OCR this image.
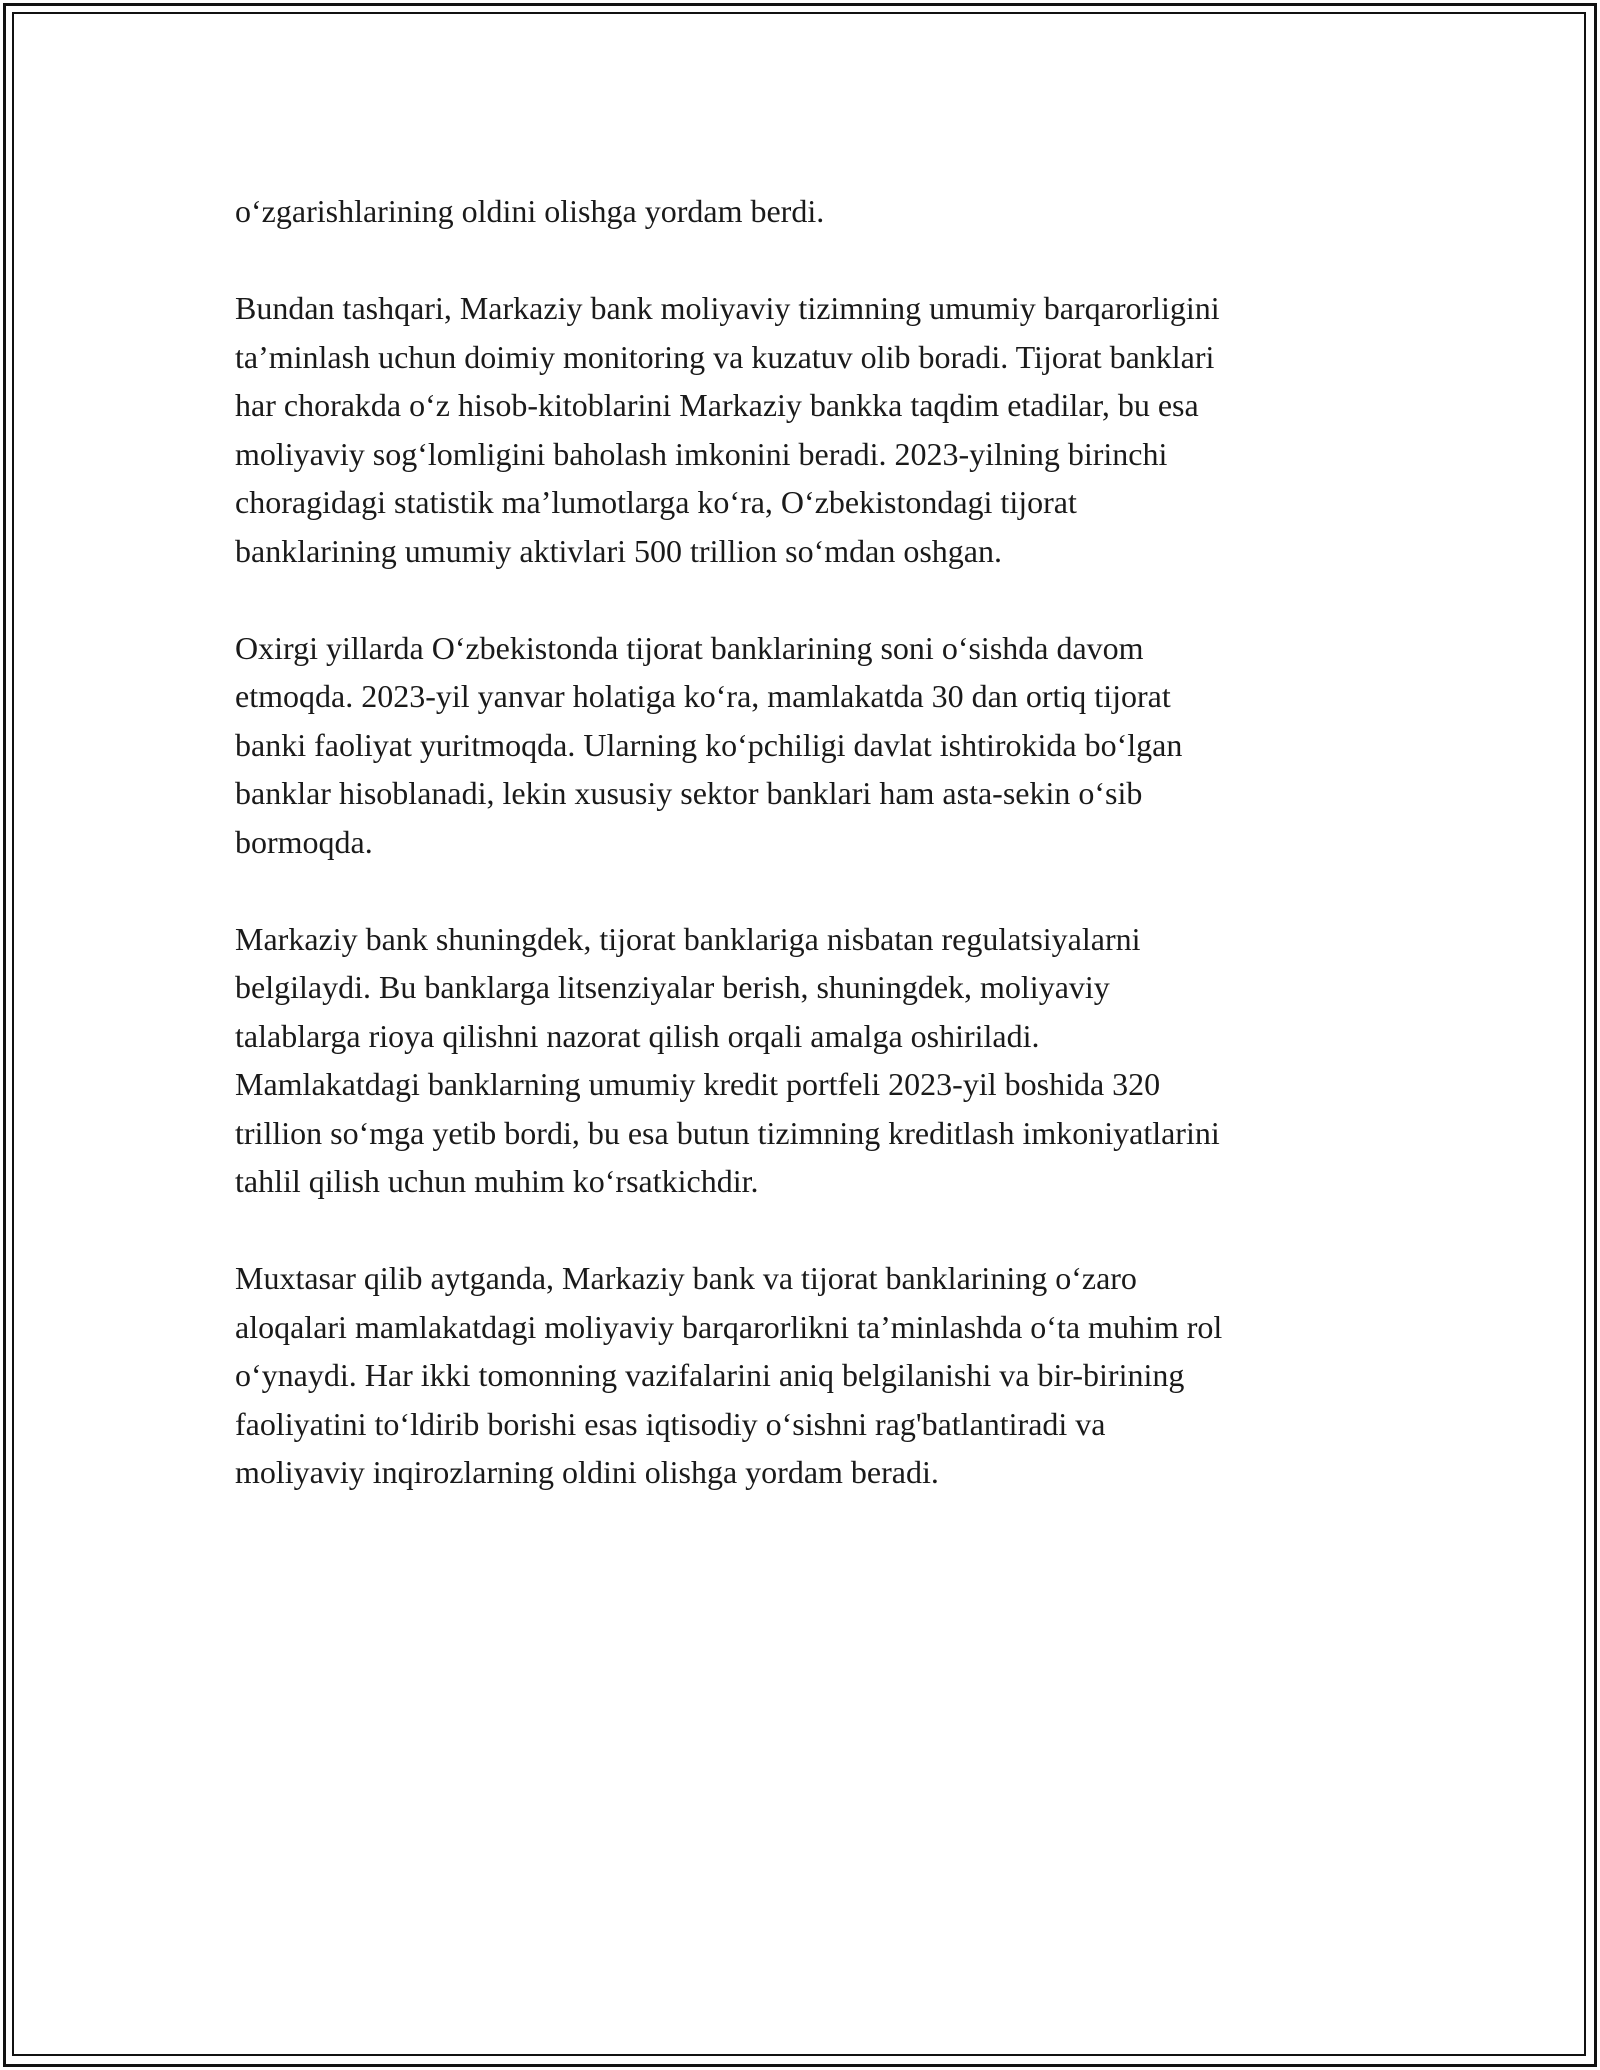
o‘zgarishlarining oldini olishga yordam berdi.

Bundan tashqari, Markaziy bank moliyaviy tizimning umumiy barqarorligini
ta’minlash uchun doimiy monitoring va kuzatuv olib boradi. Tijorat banklari
har chorakda o‘z hisob-kitoblarini Markaziy bankka taqdim etadilar, bu esa
moliyaviy sog‘lomligini baholash imkonini beradi. 2023-yilning birinchi
choragidagi statistik ma’lumotlarga ko‘ra, O‘zbekistondagi tijorat
banklarining umumiy aktivlari 500 trillion so‘mdan oshgan.

Oxirgi yillarda O‘zbekistonda tijorat banklarining soni o‘sishda davom
etmoqda. 2023-yil yanvar holatiga ko‘ra, mamlakatda 30 dan ortiq tijorat
banki faoliyat yuritmoqda. Ularning ko‘pchiligi davlat ishtirokida bo‘lgan
banklar hisoblanadi, lekin xususiy sektor banklari ham asta-sekin o‘sib
bormoqda.

Markaziy bank shuningdek, tijorat banklariga nisbatan regulatsiyalarni
belgilaydi. Bu banklarga litsenziyalar berish, shuningdek, moliyaviy
talablarga rioya qilishni nazorat qilish orqali amalga oshiriladi.
Mamlakatdagi banklarning umumiy kredit portfeli 2023-yil boshida 320
trillion so‘mga yetib bordi, bu esa butun tizimning kreditlash imkoniyatlarini
tahlil qilish uchun muhim ko‘rsatkichdir.

Muxtasar qilib aytganda, Markaziy bank va tijorat banklarining o‘zaro
aloqalari mamlakatdagi moliyaviy barqarorlikni ta’minlashda o‘ta muhim rol
o‘ynaydi. Har ikki tomonning vazifalarini aniq belgilanishi va bir-birining
faoliyatini to‘ldirib borishi esas iqtisodiy o‘sishni rag'batlantiradi va
moliyaviy inqirozlarning oldini olishga yordam beradi.
